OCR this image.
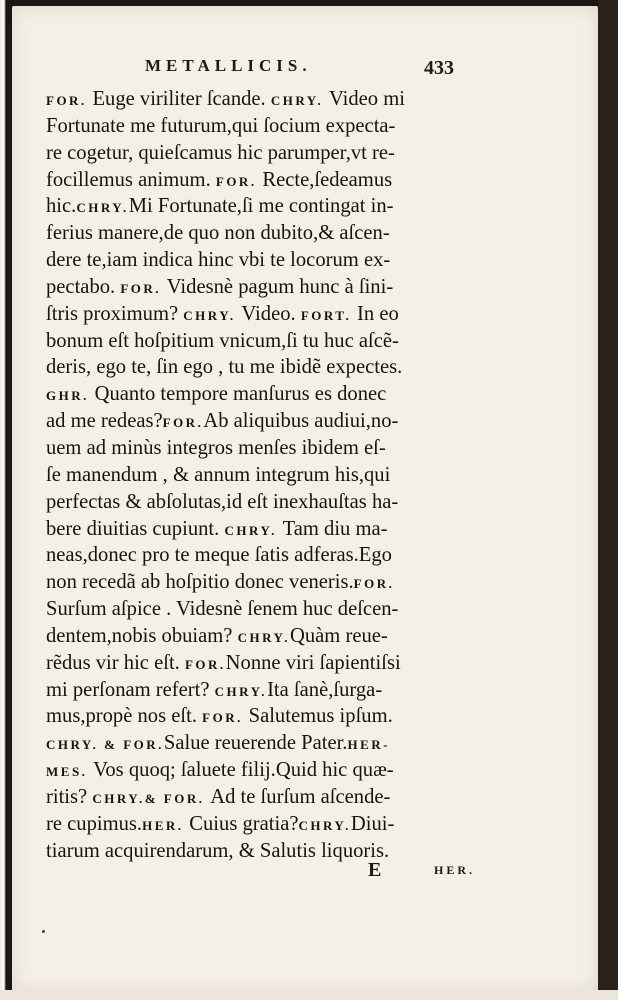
METALLICIS.	433
FOR. Euge viriliter ſcande. CHRY. Video mi
Fortunate me futurum,qui ſocium expecta-
re cogetur, quieſcamus hic parumper,vt re-
focillemus animum. FOR. Recte,ſedeamus
hic.CHRY.Mi Fortunate,ſi me contingat in-
ferius manere,de quo non dubito,& aſcen-
dere te,iam indica hinc vbi te locorum ex-
pectabo. FOR. Videsnè pagum hunc à ſini-
ſtris proximum? CHRY. Video. FORT. In eo
bonum eſt hoſpitium vnicum,ſi tu huc aſcẽ-
deris, ego te, ſin ego , tu me ibidẽ expectes.
GHR. Quanto tempore manſurus es donec
ad me redeas?FOR.Ab aliquibus audiui,no-
uem ad minùs integros menſes ibidem eſ-
ſe manendum , & annum integrum his,qui
perfectas & abſolutas,id eſt inexhauſtas ha-
bere diuitias cupiunt. CHRY. Tam diu ma-
neas,donec pro te meque ſatis adferas.Ego
non recedã ab hoſpitio donec veneris.FOR.
Surſum aſpice . Videsnè ſenem huc deſcen-
dentem,nobis obuiam? CHRY.Quàm reue-
rẽdus vir hic eſt. FOR.Nonne viri ſapientiſsi
mi perſonam refert? CHRY.Ita ſanè,ſurga-
mus,propè nos eſt. FOR. Salutemus ipſum.
CHRY. & FOR.Salue reuerende Pater.HER-
MES. Vos quoq; ſaluete filij.Quid hic quæ-
ritis? CHRY.& FOR. Ad te ſurſum aſcende-
re cupimus.HER. Cuius gratia?CHRY.Diui-
tiarum acquirendarum, & Salutis liquoris.
E	HER.
